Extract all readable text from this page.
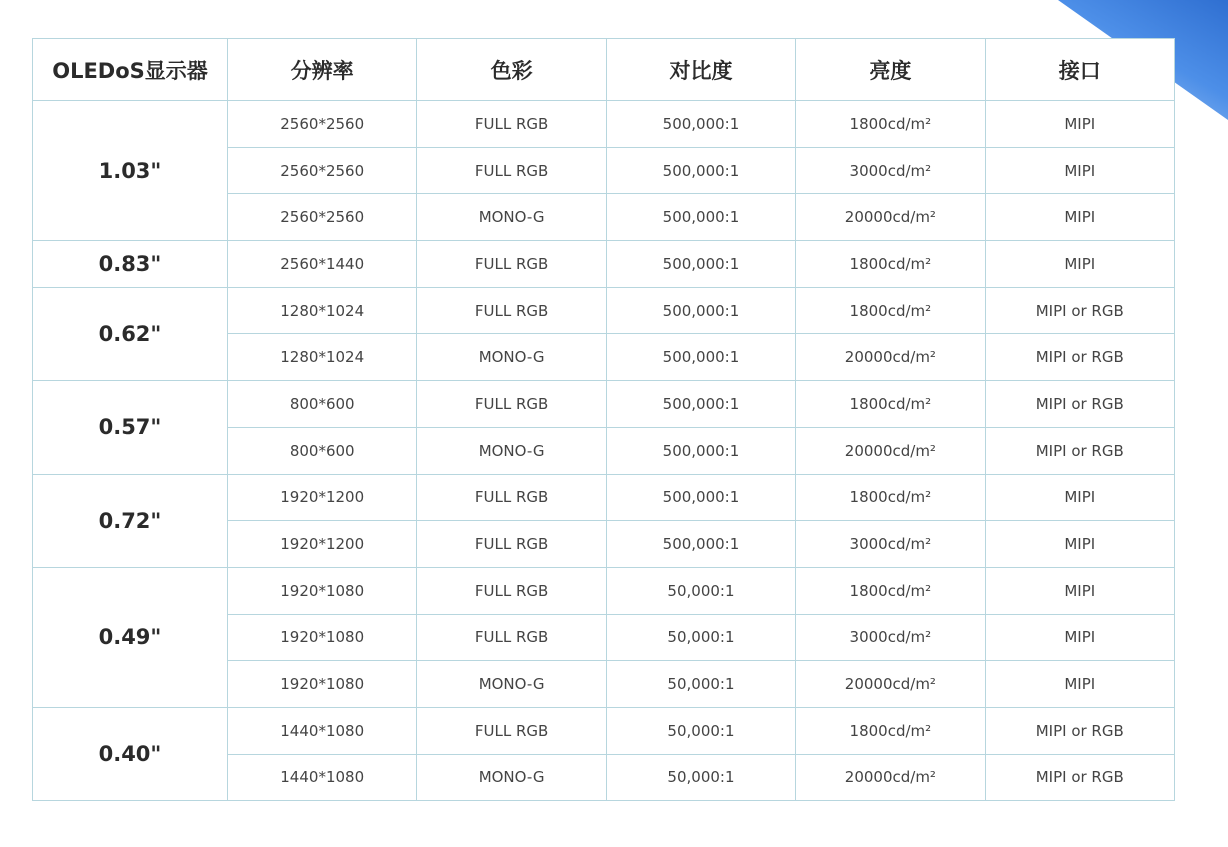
OLEDoS显示器	分辨率	色彩	对比度	亮度	接口
1.03"	2560*2560	FULL RGB	500,000:1	1800cd/m²	MIPI
	2560*2560	FULL RGB	500,000:1	3000cd/m²	MIPI
	2560*2560	MONO-G	500,000:1	20000cd/m²	MIPI
0.83"	2560*1440	FULL RGB	500,000:1	1800cd/m²	MIPI
0.62"	1280*1024	FULL RGB	500,000:1	1800cd/m²	MIPI or RGB
	1280*1024	MONO-G	500,000:1	20000cd/m²	MIPI or RGB
0.57"	800*600	FULL RGB	500,000:1	1800cd/m²	MIPI or RGB
	800*600	MONO-G	500,000:1	20000cd/m²	MIPI or RGB
0.72"	1920*1200	FULL RGB	500,000:1	1800cd/m²	MIPI
	1920*1200	FULL RGB	500,000:1	3000cd/m²	MIPI
0.49"	1920*1080	FULL RGB	50,000:1	1800cd/m²	MIPI
	1920*1080	FULL RGB	50,000:1	3000cd/m²	MIPI
	1920*1080	MONO-G	50,000:1	20000cd/m²	MIPI
0.40"	1440*1080	FULL RGB	50,000:1	1800cd/m²	MIPI or RGB
	1440*1080	MONO-G	50,000:1	20000cd/m²	MIPI or RGB
